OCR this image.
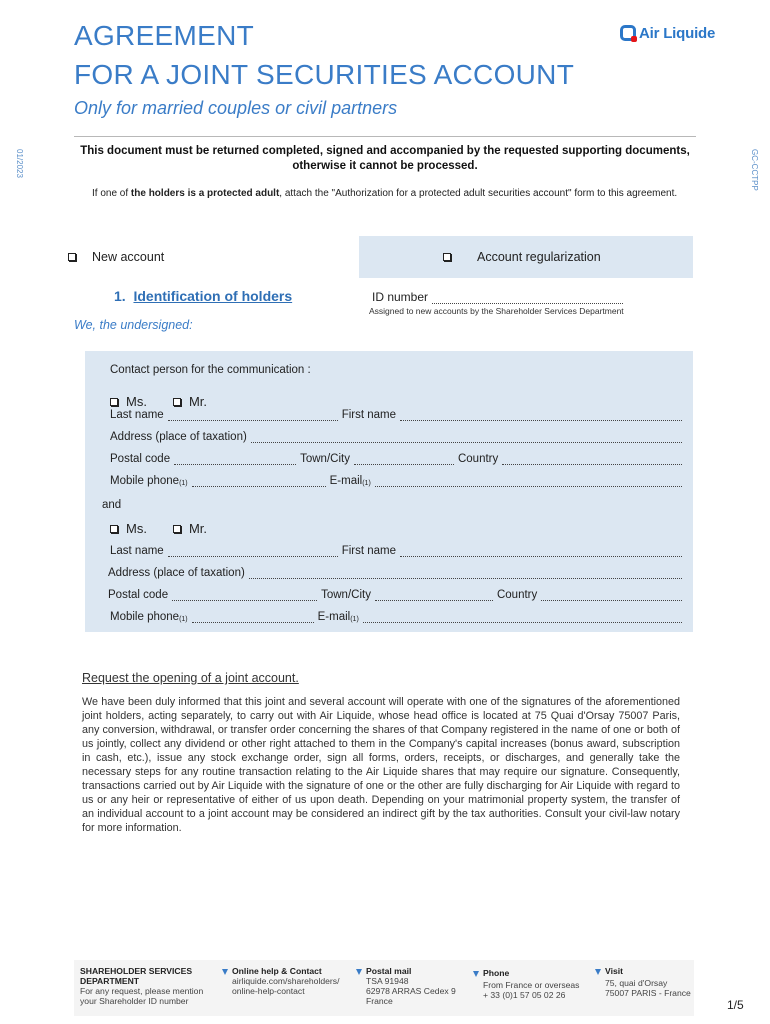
AGREEMENT
FOR A JOINT SECURITIES ACCOUNT
Only for married couples or civil partners
Air Liquide
01/2023	GC-CCTPP
This document must be returned completed, signed and accompanied by the requested supporting documents, otherwise it cannot be processed.
If one of the holders is a protected adult, attach the "Authorization for a protected adult securities account" form to this agreement.
New account	Account regularization
1. Identification of holders	ID number
Assigned to new accounts by the Shareholder Services Department
We, the undersigned:
Contact person for the communication :
Ms.	Mr.
Last name	First name
Address (place of taxation)
Postal code	Town/City	Country
Mobile phone$_{(1)}$	E-mail$_{(1)}$
and
Ms.	Mr.
Last name	First name
Address (place of taxation)
Postal code	Town/City	Country
Mobile phone$_{(1)}$	E-mail$_{(1)}$
Request the opening of a joint account.
We have been duly informed that this joint and several account will operate with one of the signatures of the aforementioned joint holders, acting separately, to carry out with Air Liquide, whose head office is located at 75 Quai d'Orsay 75007 Paris, any conversion, withdrawal, or transfer order concerning the shares of that Company registered in the name of one or both of us jointly, collect any dividend or other right attached to them in the Company's capital increases (bonus award, subscription in cash, etc.), issue any stock exchange order, sign all forms, orders, receipts, or discharges, and generally take the necessary steps for any routine transaction relating to the Air Liquide shares that may require our signature. Consequently, transactions carried out by Air Liquide with the signature of one or the other are fully discharging for Air Liquide with regard to us or any heir or representative of either of us upon death. Depending on your matrimonial property system, the transfer of an individual account to a joint account may be considered an indirect gift by the tax authorities. Consult your civil-law notary for more information.
SHAREHOLDER SERVICES DEPARTMENT
For any request, please mention
your Shareholder ID number
Online help & Contact
airliquide.com/shareholders/
online-help-contact
Postal mail
TSA 91948
62978 ARRAS Cedex 9
France
Phone
From France or overseas
+ 33 (0)1 57 05 02 26
Visit
75, quai d'Orsay
75007 PARIS - France
1/5
